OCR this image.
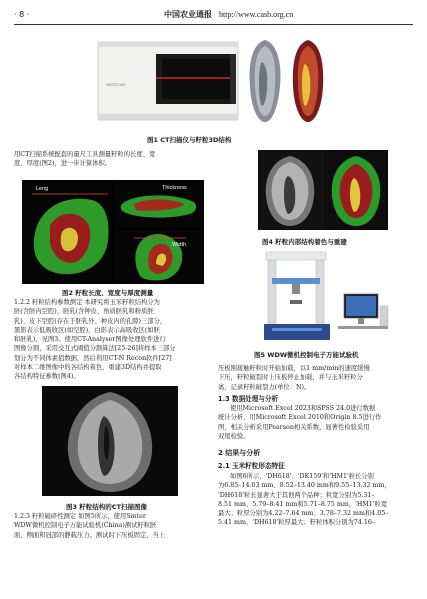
· 8 ·	中国农业通报 http://www.casb.org.cn
NRTZC4N
图1 CT扫描仪与籽粒3D结构

用CT扫描系统配套的量尺工具测量籽粒的长度、宽

度、厚度(图2)，进一步计算体积。

Leng	Thickness
Width
图2 籽粒长度、宽度与厚度测量

1.2.2 籽粒结构参数测定 本研究将玉米籽粒结构分为

胚(含胚内空腔)、胚乳(含种皮、角质胚乳和粉质胚

乳)、皮下空腔(存在于胚乳外、种皮内的孔隙)三部分，

黑影表示低吸收区(如空腔)，白影表示高吸收区(如胚

和胚乳)，见图3。使用CT-Analyser图像处理软件进行

图像分割，采用交互式阈值分割算法[25-26]将样本三部分

划分为不同体素值数据，然后利用CT-N Recon软件[27]

对样本二维图像中的各结构着色，重建3D结构并提取

各结构特征参数(图4)。

图3 籽粒结构的CT扫描图像

1.2.3 籽粒破碎性测定 如图5所示，使用Sinter

WDW微机控制电子万能试验机(China)测试籽粒胚

面、侧面和冠部的静载压力。测试时下压板固定，当上

图4 籽粒内部结构着色与重建
图5 WDW微机控制电子万能试验机

压板刚接触籽粒时开始加载，以1 mm/min的速度缓慢

下压，籽粒破裂时上压板停止加载，并与玉米籽粒分

离，记录籽粒破裂力(单位：N)。

1.3 数据处理与分析

使用Microsoft Excel 2023和SPSS 24.0进行数据

统计分析，用Microsoft Excel 2010和Origin 8.5进行作

图，相关分析采用Pearson相关系数，显著性检验采用

双尾检验。

2 结果与分析
2.1 玉米籽粒形态特征

如图6所示，'DH618'、'DK159'和'HM1'粒长分别

为6.85–14.03 mm、8.52–13.40 mm和9.55–13.32 mm，

'DH618'粒长显著大于其他两个品种；粒宽分别为5.31–

8.51 mm、5.79–8.41 mm和5.71–8.75 mm，'HM1'粒宽

最大；粒厚分别为4.22–7.64 mm、3.78–7.32 mm和4.05–

5.41 mm，'DH618'粒厚最大；籽粒体积分别为74.16–
